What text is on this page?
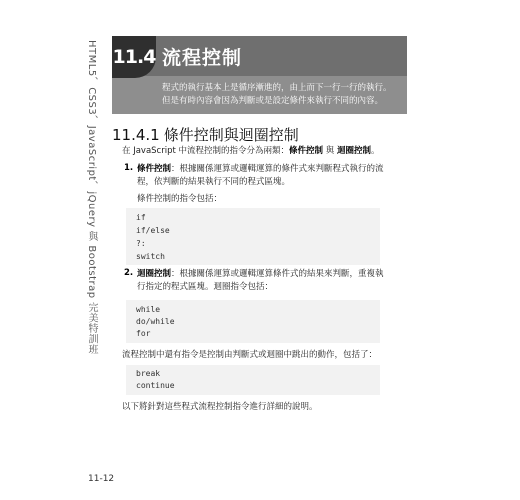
HTML5、CSS3、JavaScript、jQuery 與 Bootstrap 完美特訓班 11.4 流程控制
程式的執行基本上是循序漸進的，由上而下一行一行的執行。但是有時內容會因為判斷或是設定條件來執行不同的內容。
11.4.1 條件控制與迴圈控制
在 JavaScript 中流程控制的指令分為兩類：條件控制 與 迴圈控制。
1. 條件控制：根據關係運算或邏輯運算的條件式來判斷程式執行的流程，依判斷的結果執行不同的程式區塊。
條件控制的指令包括：
if
if/else
?:
switch
2. 迴圈控制：根據關係運算或邏輯運算條件式的結果來判斷，重複執行指定的程式區塊。迴圈指令包括：
while
do/while
for
流程控制中還有指令是控制由判斷式或迴圈中跳出的動作，包括了：
break
continue
以下將針對這些程式流程控制指令進行詳細的說明。
11-12
